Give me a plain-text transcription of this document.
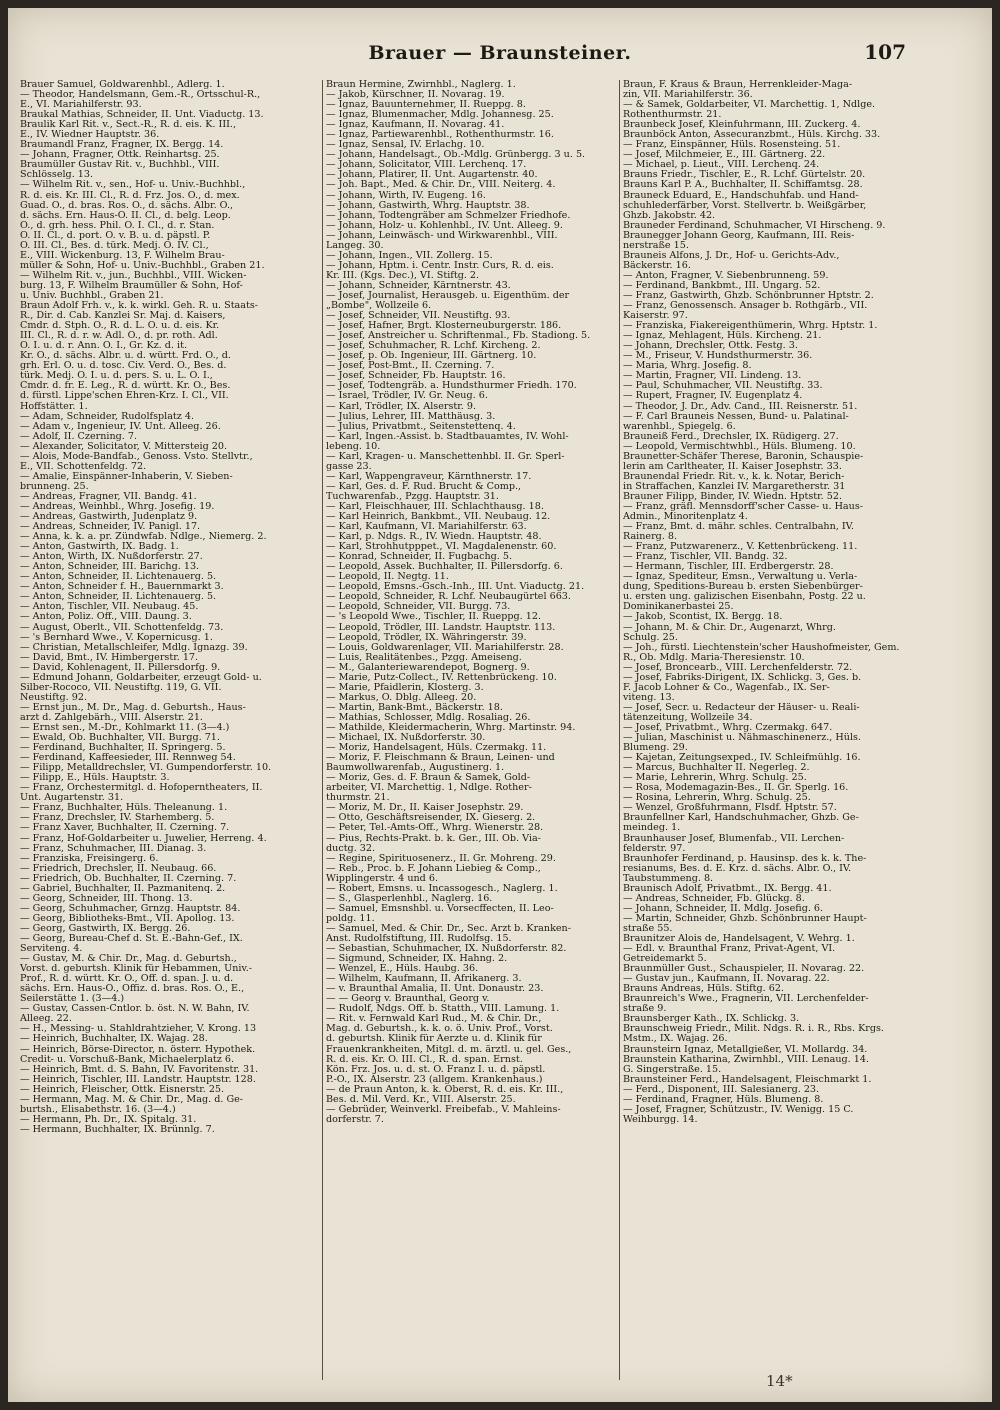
Brauer — Braunsteiner.	107
Brauer Samuel, Goldwarenhbl., Adlerg. 1.
— Theodor, Handelsmann, Gem.-R., Ortsschul-R.,
E., VI. Mariahilferstr. 93.
Braukal Mathias, Schneider, II. Unt. Viaductg. 13.
Braulik Karl Rit. v., Sect.-R., R. d. eis. K. III.,
E., IV. Wiedner Hauptstr. 36.
Braumandl Franz, Fragner, IX. Bergg. 14.
— Johann, Fragner, Ottk. Reinhartsg. 25.
Braumüller Gustav Rit. v., Buchhbl., VIII.
Schlösselg. 13.
— Wilhelm Rit. v., sen., Hof- u. Univ.-Buchhbl.,
R. d. eis. Kr. III. Cl., R. d. Frz. Jos. O., d. mex.
Guad. O., d. bras. Ros. O., d. sächs. Albr. O.,
d. sächs. Ern. Haus-O. II. Cl., d. belg. Leop.
O., d. grh. hess. Phil. O. I. Cl., d. r. Stan.
O. II. Cl., d. port. O. v. B. u. d. päpstl. P.
O. III. Cl., Bes. d. türk. Medj. O. IV. Cl.,
E., VIII. Wickenburg. 13, F. Wilhelm Brau-
müller & Sohn, Hof- u. Univ.-Buchhbl., Graben 21.
— Wilhelm Rit. v., jun., Buchhbl., VIII. Wicken-
burg. 13, F. Wilhelm Braumüller & Sohn, Hof-
u. Univ. Buchhbl., Graben 21.
Braun Adolf Frh. v., k. k. wirkl. Geh. R. u. Staats-
R., Dir. d. Cab. Kanzlei Sr. Maj. d. Kaisers,
Cmdr. d. Stph. O., R. d. L. O. u. d. eis. Kr.
III. Cl., R. d. r. w. Adl. O., d. pr. roth. Adl.
O. I. u. d. r. Ann. O. I., Gr. Kz. d. it.
Kr. O., d. sächs. Albr. u. d. württ. Frd. O., d.
grh. Erl. O. u. d. tosc. Civ. Verd. O., Bes. d.
türk. Medj. O. I. u. d. pers. S. u. L. O. I.,
Cmdr. d. fr. E. Leg., R. d. württ. Kr. O., Bes.
d. fürstl. Lippe'schen Ehren-Krz. I. Cl., VII.
Hoffstätter. 1.
— Adam, Schneider, Rudolfsplatz 4.
— Adam v., Ingenieur, IV. Unt. Alleeg. 26.
— Adolf, II. Czerning. 7.
— Alexander, Solicitator, V. Mittersteig 20.
— Alois, Mode-Bandfab., Genoss. Vsto. Stellvtr.,
E., VII. Schottenfeldg. 72.
— Amalie, Einspänner-Inhaberin, V. Sieben-
brunneng. 25.
— Andreas, Fragner, VII. Bandg. 41.
— Andreas, Weinhbl., Whrg. Josefig. 19.
— Andreas, Gastwirth, Judenplatz 9.
— Andreas, Schneider, IV. Panigl. 17.
— Anna, k. k. a. pr. Zündwfab. Ndlge., Niemerg. 2.
— Anton, Gastwirth, IX. Badg. 1.
— Anton, Wirth, IX. Nußdorferstr. 27.
— Anton, Schneider, III. Barichg. 13.
— Anton, Schneider, II. Lichtenauerg. 5.
— Anton, Schneider f. H., Bauernmarkt 3.
— Anton, Schneider, II. Lichtenauerg. 5.
— Anton, Tischler, VII. Neubaug. 45.
— Anton, Poliz. Off., VIII. Daung. 3.
— August, Oberlt., VII. Schottenfeldg. 73.
— 's Bernhard Wwe., V. Kopernicusg. 1.
— Christian, Metallschleifer, Mdlg. Ignazg. 39.
— David, Bmt., IV. Himbergerstr. 17.
— David, Kohlenagent, II. Pillersdorfg. 9.
— Edmund Johann, Goldarbeiter, erzeugt Gold- u.
Silber-Rococo, VII. Neustiftg. 119, G. VII.
Neustiftg. 92.
— Ernst jun., M. Dr., Mag. d. Geburtsh., Haus-
arzt d. Zahlgebärh., VIII. Alserstr. 21.
— Ernst sen., M.-Dr., Kohlmarkt 11. (3—4.)
— Ewald, Ob. Buchhalter, VII. Burgg. 71.
— Ferdinand, Buchhalter, II. Springerg. 5.
— Ferdinand, Kaffeesieder, III. Rennweg 54.
— Filipp, Metalldrechsler, VI. Gumpendorferstr. 10.
— Filipp, E., Hüls. Hauptstr. 3.
— Franz, Orchestermitgl. d. Hofoperntheaters, II.
Unt. Augartenstr. 31.
— Franz, Buchhalter, Hüls. Theleanung. 1.
— Franz, Drechsler, IV. Starhemberg. 5.
— Franz Xaver, Buchhalter, II. Czerning. 7.
— Franz, Hof-Goldarbeiter u. Juwelier, Herreng. 4.
— Franz, Schuhmacher, III. Dianag. 3.
— Franziska, Freisingerg. 6.
— Friedrich, Drechsler, II. Neubaug. 66.
— Friedrich, Ob. Buchhalter, II. Czerning. 7.
— Gabriel, Buchhalter, II. Pazmanitenq. 2.
— Georg, Schneider, III. Thong. 13.
— Georg, Schuhmacher, Grnzg. Hauptstr. 84.
— Georg, Bibliotheks-Bmt., VII. Apollog. 13.
— Georg, Gastwirth, IX. Bergg. 26.
— Georg, Bureau-Chef d. St. E.-Bahn-Gef., IX.
Serviteng. 4.
— Gustav, M. & Chir. Dr., Mag. d. Geburtsh.,
Vorst. d. geburtsh. Klinik für Hebammen, Univ.-
Prof., R. d. württ. Kr. O., Off. d. span. J. u. d.
sächs. Ern. Haus-O., Offiz. d. bras. Ros. O., E.,
Seilerstätte 1. (3—4.)
— Gustav, Cassen-Cntlor. b. öst. N. W. Bahn, IV.
Alleeg. 22.
— H., Messing- u. Stahldrahtzieher, V. Krong. 13
— Heinrich, Buchhalter, IX. Wajag. 28.
— Heinrich, Börse-Director, n. österr. Hypothek.
Credit- u. Vorschuß-Bank, Michaelerplatz 6.
— Heinrich, Bmt. d. S. Bahn, IV. Favoritenstr. 31.
— Heinrich, Tischler, III. Landstr. Hauptstr. 128.
— Heinrich, Fleischer, Ottk. Eisnerstr. 25.
— Hermann, Mag. M. & Chir. Dr., Mag. d. Ge-
burtsh., Elisabethstr. 16. (3—4.)
— Hermann, Ph. Dr., IX. Spitalg. 31.
— Hermann, Buchhalter, IX. Brünnlg. 7.
Braun Hermine, Zwirnhbl., Naglerg. 1.
— Jakob, Kürschner, II. Novarag. 19.
— Ignaz, Bauunternehmer, II. Rueppg. 8.
— Ignaz, Blumenmacher, Mdlg. Johannesg. 25.
— Ignaz, Kaufmann, II. Novarag. 41.
— Ignaz, Partiewarenhbl., Rothenthurmstr. 16.
— Ignaz, Sensal, IV. Erlachg. 10.
— Johann, Handelsagt., Ob.-Mdlg. Grünbergg. 3 u. 5.
— Johann, Solicitator, VIII. Lerchenq. 17.
— Johann, Platirer, II. Unt. Augartenstr. 40.
— Joh. Bapt., Med. & Chir. Dr., VIII. Neiterg. 4.
— Johann, Wirth, IV. Eugeng. 16.
— Johann, Gastwirth, Whrg. Hauptstr. 38.
— Johann, Todtengräber am Schmelzer Friedhofe.
— Johann, Holz- u. Kohlenhbl., IV. Unt. Alleeg. 9.
— Johann, Leinwäsch- und Wirkwarenhbl., VIII.
Langeg. 30.
— Johann, Ingen., VII. Zollerg. 15.
— Johann, Hptm. i. Centr. Instr. Curs, R. d. eis.
Kr. III. (Kgs. Dec.), VI. Stiftg. 2.
— Johann, Schneider, Kärntnerstr. 43.
— Josef, Journalist, Herausgeb. u. Eigenthüm. der
„Bombe", Wollzeile 6.
— Josef, Schneider, VII. Neustiftg. 93.
— Josef, Hafner, Brgt. Klosterneuburgerstr. 186.
— Josef, Anstreicher u. Schriftenmal., Fb. Stadiong. 5.
— Josef, Schuhmacher, R. Lchf. Kircheng. 2.
— Josef, p. Ob. Ingenieur, III. Gärtnerg. 10.
— Josef, Post-Bmt., II. Czerning. 7.
— Josef, Schneider, Fb. Hauptstr. 16.
— Josef, Todtengräb. a. Hundsthurmer Friedh. 170.
— Israel, Trödler, IV. Gr. Neug. 6.
— Karl, Trödler, IX. Alserstr. 9.
— Julius, Lehrer, III. Matthäusg. 3.
— Julius, Privatbmt., Seitenstettenq. 4.
— Karl, Ingen.-Assist. b. Stadtbauamtes, IV. Wohl-
lebeng. 10.
— Karl, Kragen- u. Manschettenhbl. II. Gr. Sperl-
gasse 23.
— Karl, Wappengraveur, Kärnthnerstr. 17.
— Karl, Ges. d. F. Rud. Brucht & Comp.,
Tuchwarenfab., Pzgg. Hauptstr. 31.
— Karl, Fleischhauer, III. Schlachthausg. 18.
— Karl Heinrich, Bankbmt., VII. Neubaug. 12.
— Karl, Kaufmann, VI. Mariahilferstr. 63.
— Karl, p. Ndgs. R., IV. Wiedn. Hauptstr. 48.
— Karl, Strohhutpppet., VI. Magdalenenstr. 60.
— Konrad, Schneider, II. Fugbachg. 5.
— Leopold, Assek. Buchhalter, II. Pillersdorfg. 6.
— Leopold, II. Negtg. 11.
— Leopold, Emsns.-Gsch.-Inh., III. Unt. Viaductg. 21.
— Leopold, Schneider, R. Lchf. Neubaugürtel 663.
— Leopold, Schneider, VII. Burgg. 73.
— 's Leopold Wwe., Tischler, II. Rueppg. 12.
— Leopold, Trödler, III. Landstr. Hauptstr. 113.
— Leopold, Trödler, IX. Währingerstr. 39.
— Louis, Goldwarenlager, VII. Mariahilferstr. 28.
— Luis, Realitätenbes., Pzgg. Ameiseng.
— M., Galanteriewarendepot, Bognerg. 9.
— Marie, Putz-Collect., IV. Rettenbrückeng. 10.
— Marie, Pfaidlerin, Klosterg. 3.
— Markus, O. Dblg. Alleeg. 20.
— Martin, Bank-Bmt., Bäckerstr. 18.
— Mathias, Schlosser, Mdlg. Rosaliag. 26.
— Mathilde, Kleidermacherin, Whrg. Martinstr. 94.
— Michael, IX. Nußdorferstr. 30.
— Moriz, Handelsagent, Hüls. Czermakg. 11.
— Moriz, F. Fleischmann & Braun, Leinen- und
Baumwollwarenfab., Augustinerg. 1.
— Moriz, Ges. d. F. Braun & Samek, Gold-
arbeiter, VI. Marchettig. 1, Ndlge. Rother-
thurmstr. 21.
— Moriz, M. Dr., II. Kaiser Josephstr. 29.
— Otto, Geschäftsreisender, IX. Gieserg. 2.
— Peter, Tel.-Amts-Off., Whrg. Wienerstr. 28.
— Pius, Rechts-Prakt. b. k. Ger., III. Ob. Via-
ductg. 32.
— Regine, Spirituosenerz., II. Gr. Mohreng. 29.
— Reb., Proc. b. F. Johann Liebieg & Comp.,
Wipplingerstr. 4 und 6.
— Robert, Emsns. u. Incassogesch., Naglerg. 1.
— S., Glasperlenhbl., Naglerg. 16.
— Samuel, Emsnshbl. u. Vorsecffecten, II. Leo-
poldg. 11.
— Samuel, Med. & Chir. Dr., Sec. Arzt b. Kranken-
Anst. Rudolfstiftung, III. Rudolfsg. 15.
— Sebastian, Schuhmacher, IX. Nußdorferstr. 82.
— Sigmund, Schneider, IX. Hahng. 2.
— Wenzel, E., Hüls. Haubg. 36.
— Wilhelm, Kaufmann, II. Afrikanerg. 3.
— v. Braunthal Amalia, II. Unt. Donaustr. 23.
— — Georg v. Braunthal, Georg v.
— Rudolf, Ndgs. Off. b. Statth., VIII. Lamung. 1.
— Rit. v. Fernwald Karl Rud., M. & Chir. Dr.,
Mag. d. Geburtsh., k. k. o. ö. Univ. Prof., Vorst.
d. geburtsh. Klinik für Aerzte u. d. Klinik für
Frauenkrankheiten, Mitgl. d. m. ärztl. u. gel. Ges.,
R. d. eis. Kr. O. III. Cl., R. d. span. Ernst.
Kön. Frz. Jos. u. d. st. O. Franz I. u. d. päpstl.
P.-O., IX. Alserstr. 23 (allgem. Krankenhaus.)
— de Praun Anton, k. k. Oberst, R. d. eis. Kr. III.,
Bes. d. Mil. Verd. Kr., VIII. Alserstr. 25.
— Gebrüder, Weinverkl. Freibefab., V. Mahleins-
dorferstr. 7.
Braun, F. Kraus & Braun, Herrenkleider-Maga-
zin, VII. Mariahilferstr. 36.
— & Samek, Goldarbeiter, VI. Marchettig. 1, Ndlge.
Rothenthurmstr. 21.
Braunbeck Josef, Kleinfuhrmann, III. Zuckerg. 4.
Braunböck Anton, Assecuranzbmt., Hüls. Kirchg. 33.
— Franz, Einspänner, Hüls. Rosensteing. 51.
— Josef, Milchmeier, E., III. Gärtnerg. 22.
— Michael, p. Lieut., VIII. Lerchenq. 24.
Brauns Friedr., Tischler, E., R. Lchf. Gürtelstr. 20.
Brauns Karl P. A., Buchhalter, II. Schiffamtsg. 28.
Brauneck Eduard, E., Handschuhfab. und Hand-
schuhlederfärber, Vorst. Stellvertr. b. Weißgärber,
Ghzb. Jakobstr. 42.
Brauneder Ferdinand, Schuhmacher, VI Hirscheng. 9.
Braunegger Johann Georg, Kaufmann, III. Reis-
nerstraße 15.
Brauneis Alfons, J. Dr., Hof- u. Gerichts-Adv.,
Bäckerstr. 16.
— Anton, Fragner, V. Siebenbrunneng. 59.
— Ferdinand, Bankbmt., III. Ungarg. 52.
— Franz, Gastwirth, Ghzb. Schönbrunner Hptstr. 2.
— Franz, Genossensch. Ansager b. Rothgärb., VII.
Kaiserstr. 97.
— Franziska, Fiakereigenthümerin, Whrg. Hptstr. 1.
— Ignaz, Mehlagent, Hüls. Kircheng. 21.
— Johann, Drechsler, Ottk. Festg. 3.
— M., Friseur, V. Hundsthurmerstr. 36.
— Maria, Whrg. Josefig. 8.
— Martin, Fragner, VII. Lindeng. 13.
— Paul, Schuhmacher, VII. Neustiftg. 33.
— Rupert, Fragner, IV. Eugenplatz 4.
— Theodor, J. Dr., Adv. Cand., III. Reisnerstr. 51.
— F. Carl Brauneis Nessen, Bund- u. Palatinal-
warenhbl., Spiegelg. 6.
Brauneiß Ferd., Drechsler, IX. Rüdigerg. 27.
— Leopold, Vermischtwhbl., Hüls. Blumeng. 10.
Braunetter-Schäfer Therese, Baronin, Schauspie-
lerin am Carltheater, II. Kaiser Josephstr. 33.
Braunendal Friedr. Rit. v., k. k. Notar, Berich-
in Straffachen, Kanzlei IV. Margaretherstr. 31
Brauner Filipp, Binder, IV. Wiedn. Hptstr. 52.
— Franz, gräfl. Mennsdorff'scher Casse- u. Haus-
Admin., Minoritenplatz 4.
— Franz, Bmt. d. mähr. schles. Centralbahn, IV.
Rainerg. 8.
— Franz, Putzwarenerz., V. Kettenbrückeng. 11.
— Franz, Tischler, VII. Bandg. 32.
— Hermann, Tischler, III. Erdbergerstr. 28.
— Ignaz, Spediteur, Emsn., Verwaltung u. Verla-
dung, Speditions-Bureau b. ersten Siebenbürger-
u. ersten ung. galizischen Eisenbahn, Postg. 22 u.
Dominikanerbastei 25.
— Jakob, Scontist, IX. Bergg. 18.
— Johann, M. & Chir. Dr., Augenarzt, Whrg.
Schulg. 25.
— Joh., fürstl. Liechtenstein'scher Haushofmeister, Gem.
R., Ob. Mdlg. Maria-Theresienstr. 10.
— Josef, Broncearb., VIII. Lerchenfelderstr. 72.
— Josef, Fabriks-Dirigent, IX. Schlickg. 3, Ges. b.
F. Jacob Lohner & Co., Wagenfab., IX. Ser-
viteng. 13.
— Josef, Secr. u. Redacteur der Häuser- u. Reali-
tätenzeitung, Wollzeile 34.
— Josef, Privatbmt., Whrg. Czermakg. 647.
— Julian, Maschinist u. Nähmaschinenerz., Hüls.
Blumeng. 29.
— Kajetan, Zeitungsexped., IV. Schleifmühlg. 16.
— Marcus, Buchhalter II. Negerleg. 2.
— Marie, Lehrerin, Whrg. Schulg. 25.
— Rosa, Modemagazin-Bes., II. Gr. Sperlg. 16.
— Rosina, Lehrerin, Whrg. Schulg. 25.
— Wenzel, Großfuhrmann, Flsdf. Hptstr. 57.
Braunfellner Karl, Handschuhmacher, Ghzb. Ge-
meindeg. 1.
Braunhauser Josef, Blumenfab., VII. Lerchen-
felderstr. 97.
Braunhofer Ferdinand, p. Hausinsp. des k. k. The-
resianums, Bes. d. E. Krz. d. sächs. Albr. O., IV.
Taubstummeng. 8.
Braunisch Adolf, Privatbmt., IX. Bergg. 41.
— Andreas, Schneider, Fb. Glückg. 8.
— Johann, Schneider, II. Mdlg. Josefig. 6.
— Martin, Schneider, Ghzb. Schönbrunner Haupt-
straße 55.
Braunitzer Alois de, Handelsagent, V. Wehrg. 1.
— Edl. v. Braunthal Franz, Privat-Agent, VI.
Getreidemarkt 5.
Braunmüller Gust., Schauspieler, II. Novarag. 22.
— Gustav jun., Kaufmann, II. Novarag. 22.
Brauns Andreas, Hüls. Stiftg. 62.
Braunreich's Wwe., Fragnerin, VII. Lerchenfelder-
straße 9.
Braunsberger Kath., IX. Schlickg. 3.
Braunschweig Friedr., Milit. Ndgs. R. i. R., Rbs. Krgs.
Mstm., IX. Wajag. 26.
Braunsteirn Ignaz, Metallgießer, VI. Mollardg. 34.
Braunstein Katharina, Zwirnhbl., VIII. Lenaug. 14.
G. Singerstraße. 15.
Braunsteiner Ferd., Handelsagent, Fleischmarkt 1.
— Ferd., Disponent, III. Salesianerg. 23.
— Ferdinand, Fragner, Hüls. Blumeng. 8.
— Josef, Fragner, Schützustr., IV. Wenigg. 15 C.
Weihburgg. 14.
14*
